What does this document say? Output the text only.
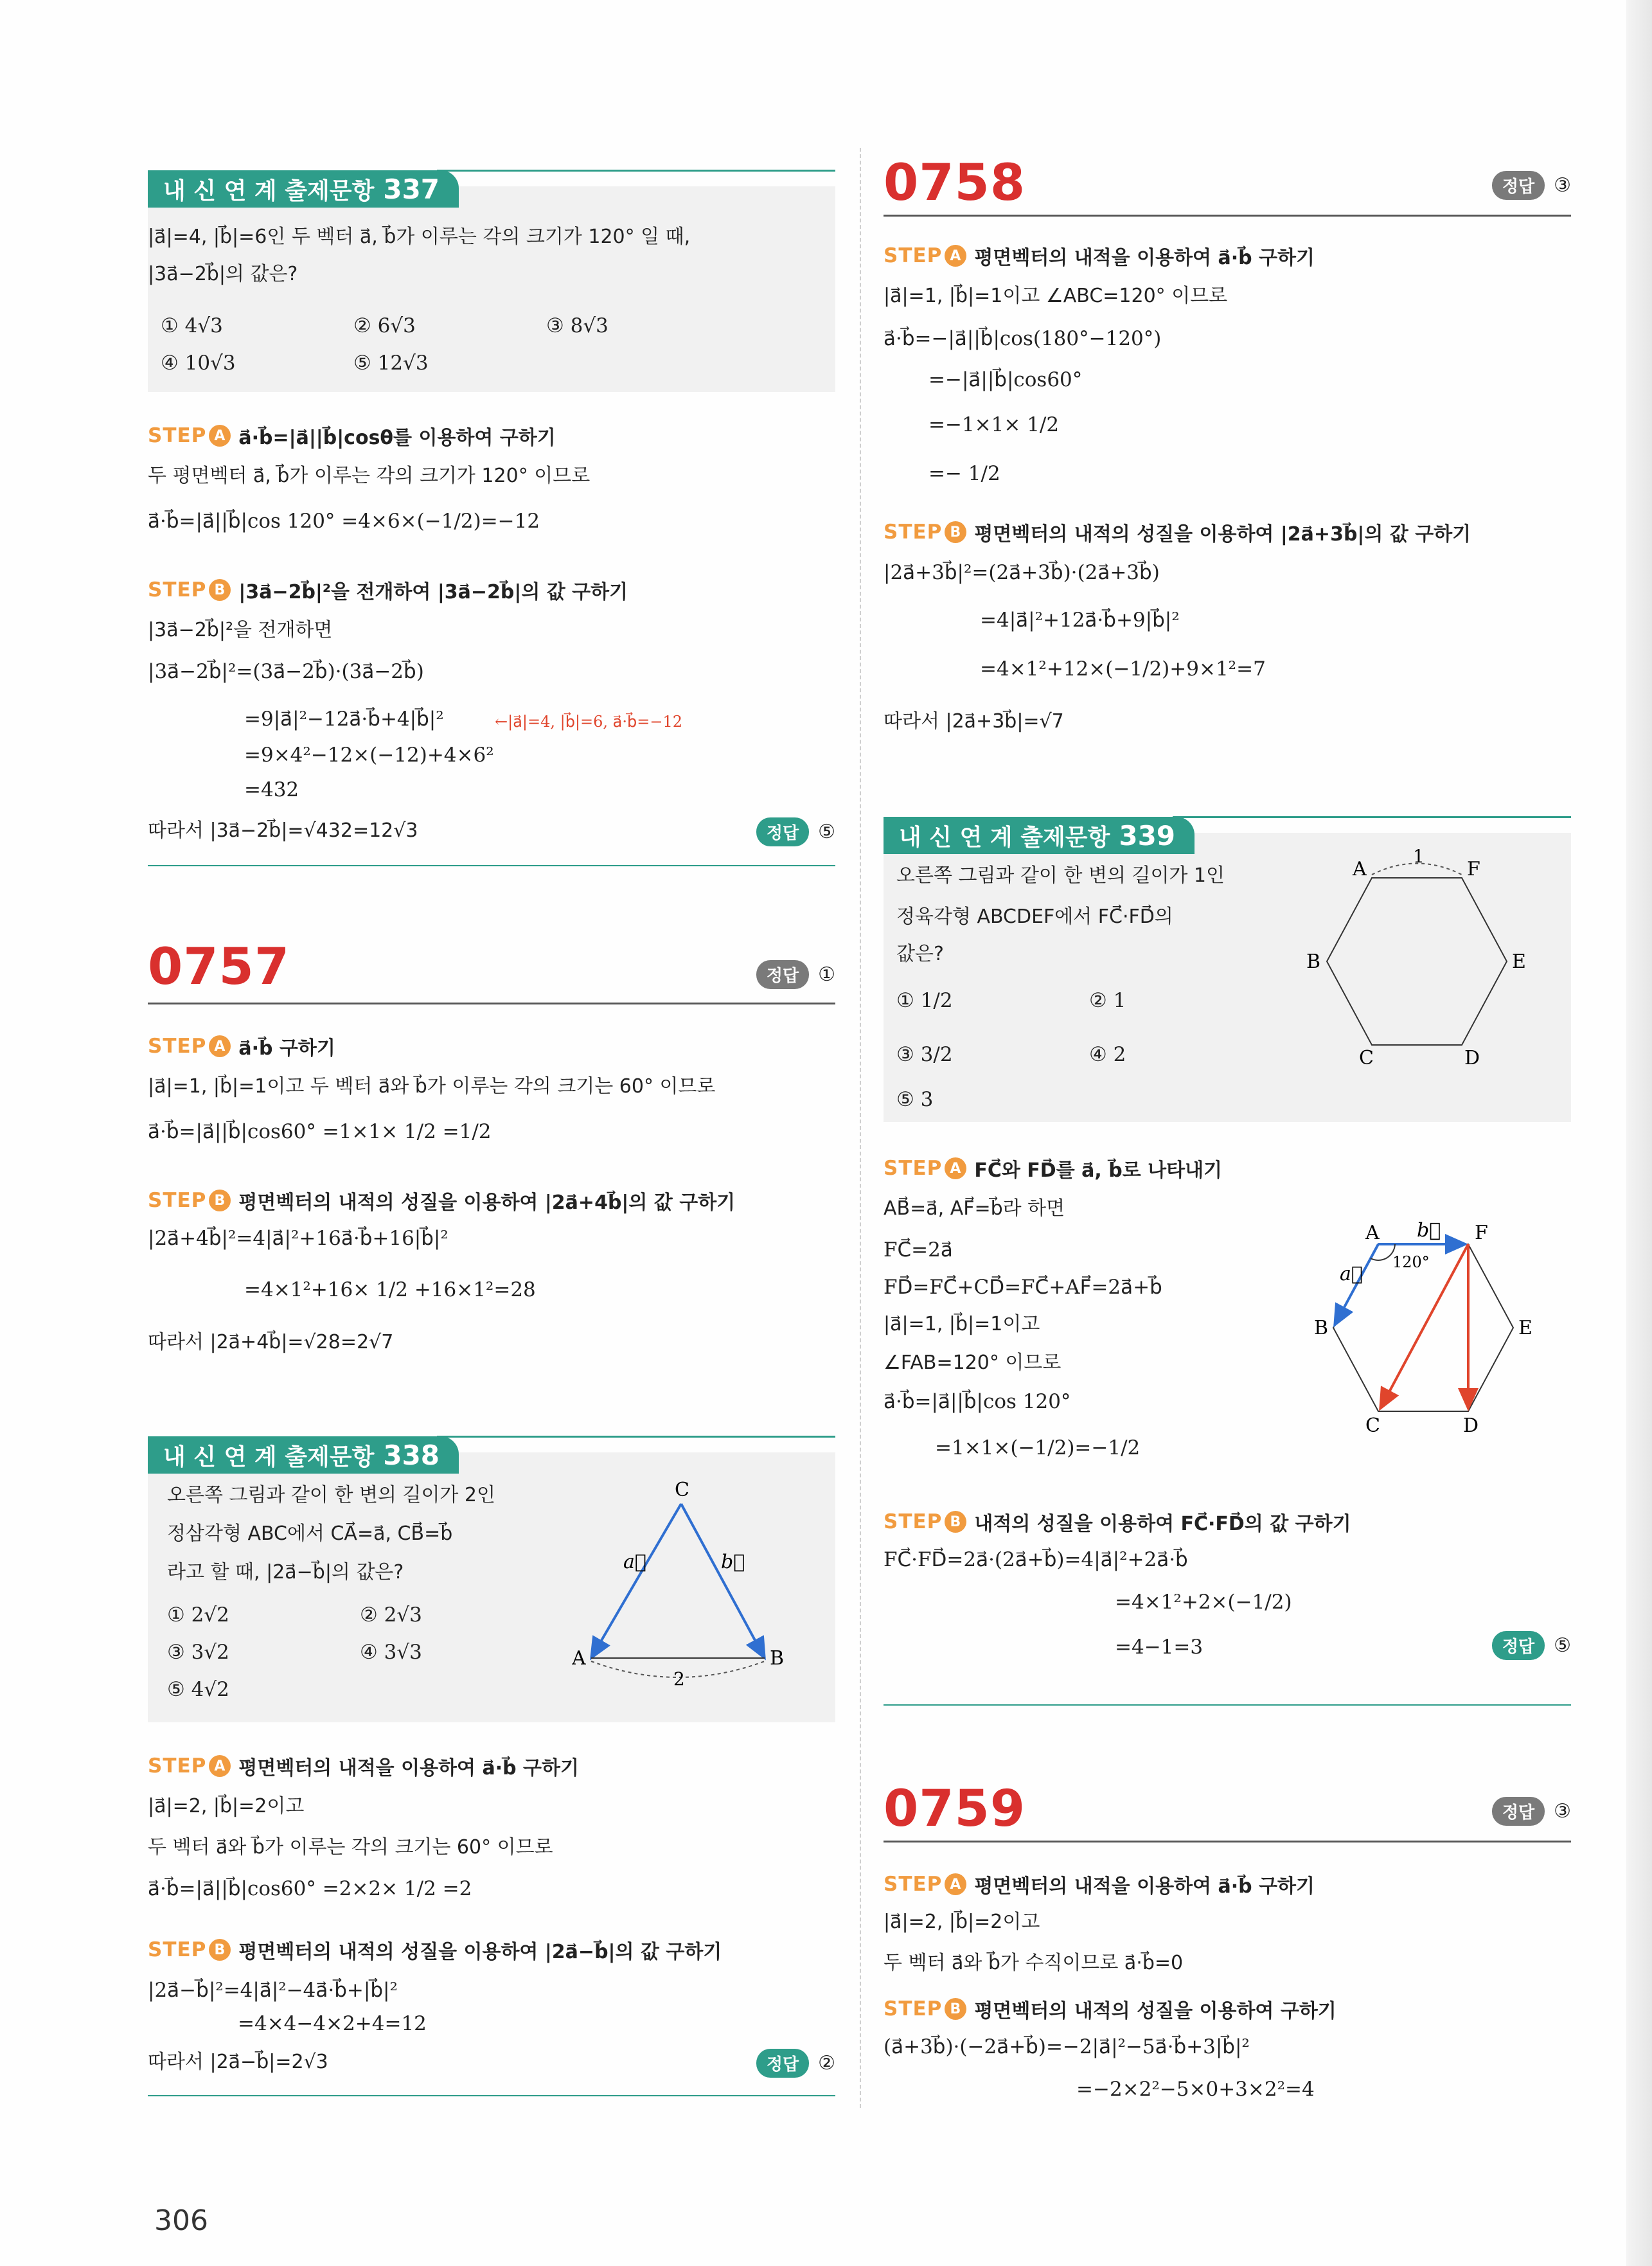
내 신 연 계 출제문항 337
|a⃗|=4, |b⃗|=6인 두 벡터 a⃗, b⃗가 이루는 각의 크기가 120° 일 때,
|3a⃗−2b⃗|의 값은?
① 4√3	② 6√3	③ 8√3
④ 10√3	⑤ 12√3
STEP A a⃗·b⃗=|a⃗||b⃗|cosθ를 이용하여 구하기
두 평면벡터 a⃗, b⃗가 이루는 각의 크기가 120° 이므로
a⃗·b⃗=|a⃗||b⃗|cos 120° =4×6×(−1/2)=−12
STEP B |3a⃗−2b⃗|²을 전개하여 |3a⃗−2b⃗|의 값 구하기
|3a⃗−2b⃗|²을 전개하면
|3a⃗−2b⃗|²=(3a⃗−2b⃗)·(3a⃗−2b⃗)
=9|a⃗|²−12a⃗·b⃗+4|b⃗|²	←|a⃗|=4, |b⃗|=6, a⃗·b⃗=−12
=9×4²−12×(−12)+4×6²
=432
따라서 |3a⃗−2b⃗|=√432=12√3	정답	⑤
0757	정답	①
STEP A a⃗·b⃗ 구하기
|a⃗|=1, |b⃗|=1이고 두 벡터 a⃗와 b⃗가 이루는 각의 크기는 60° 이므로
a⃗·b⃗=|a⃗||b⃗|cos60° =1×1× 1/2 =1/2
STEP B 평면벡터의 내적의 성질을 이용하여 |2a⃗+4b⃗|의 값 구하기
|2a⃗+4b⃗|²=4|a⃗|²+16a⃗·b⃗+16|b⃗|²
=4×1²+16× 1/2 +16×1²=28
따라서 |2a⃗+4b⃗|=√28=2√7
내 신 연 계 출제문항 338
오른쪽 그림과 같이 한 변의 길이가 2인
정삼각형 ABC에서 CA⃗=a⃗, CB⃗=b⃗
라고 할 때, |2a⃗−b⃗|의 값은?
① 2√2	② 2√3
③ 3√2	④ 3√3
⑤ 4√2
C
A	B
a⃗	b⃗
2
STEP A 평면벡터의 내적을 이용하여 a⃗·b⃗ 구하기
|a⃗|=2, |b⃗|=2이고
두 벡터 a⃗와 b⃗가 이루는 각의 크기는 60° 이므로
a⃗·b⃗=|a⃗||b⃗|cos60° =2×2× 1/2 =2
STEP B 평면벡터의 내적의 성질을 이용하여 |2a⃗−b⃗|의 값 구하기
|2a⃗−b⃗|²=4|a⃗|²−4a⃗·b⃗+|b⃗|²
=4×4−4×2+4=12
따라서 |2a⃗−b⃗|=2√3	정답	②
0758	정답	③
STEP A 평면벡터의 내적을 이용하여 a⃗·b⃗ 구하기
|a⃗|=1, |b⃗|=1이고 ∠ABC=120° 이므로
a⃗·b⃗=−|a⃗||b⃗|cos(180°−120°)
=−|a⃗||b⃗|cos60°
=−1×1× 1/2
=− 1/2
STEP B 평면벡터의 내적의 성질을 이용하여 |2a⃗+3b⃗|의 값 구하기
|2a⃗+3b⃗|²=(2a⃗+3b⃗)·(2a⃗+3b⃗)
=4|a⃗|²+12a⃗·b⃗+9|b⃗|²
=4×1²+12×(−1/2)+9×1²=7
따라서 |2a⃗+3b⃗|=√7
내 신 연 계 출제문항 339
오른쪽 그림과 같이 한 변의 길이가 1인
정육각형 ABCDEF에서 FC⃗·FD⃗의
값은?
① 1/2	② 1
③ 3/2	④ 2
⑤ 3
1
A	F
B	E
C	D
STEP A FC⃗와 FD⃗를 a⃗, b⃗로 나타내기
AB⃗=a⃗, AF⃗=b⃗라 하면
FC⃗=2a⃗
FD⃗=FC⃗+CD⃗=FC⃗+AF⃗=2a⃗+b⃗
|a⃗|=1, |b⃗|=1이고
∠FAB=120° 이므로
a⃗·b⃗=|a⃗||b⃗|cos 120°
=1×1×(−1/2)=−1/2
120°
A	F
B	E
C	D
a⃗
b⃗
STEP B 내적의 성질을 이용하여 FC⃗·FD⃗의 값 구하기
FC⃗·FD⃗=2a⃗·(2a⃗+b⃗)=4|a⃗|²+2a⃗·b⃗
=4×1²+2×(−1/2)
=4−1=3	정답	⑤
0759	정답	③
STEP A 평면벡터의 내적을 이용하여 a⃗·b⃗ 구하기
|a⃗|=2, |b⃗|=2이고
두 벡터 a⃗와 b⃗가 수직이므로 a⃗·b⃗=0
STEP B 평면벡터의 내적의 성질을 이용하여 구하기
(a⃗+3b⃗)·(−2a⃗+b⃗)=−2|a⃗|²−5a⃗·b⃗+3|b⃗|²
=−2×2²−5×0+3×2²=4
306
